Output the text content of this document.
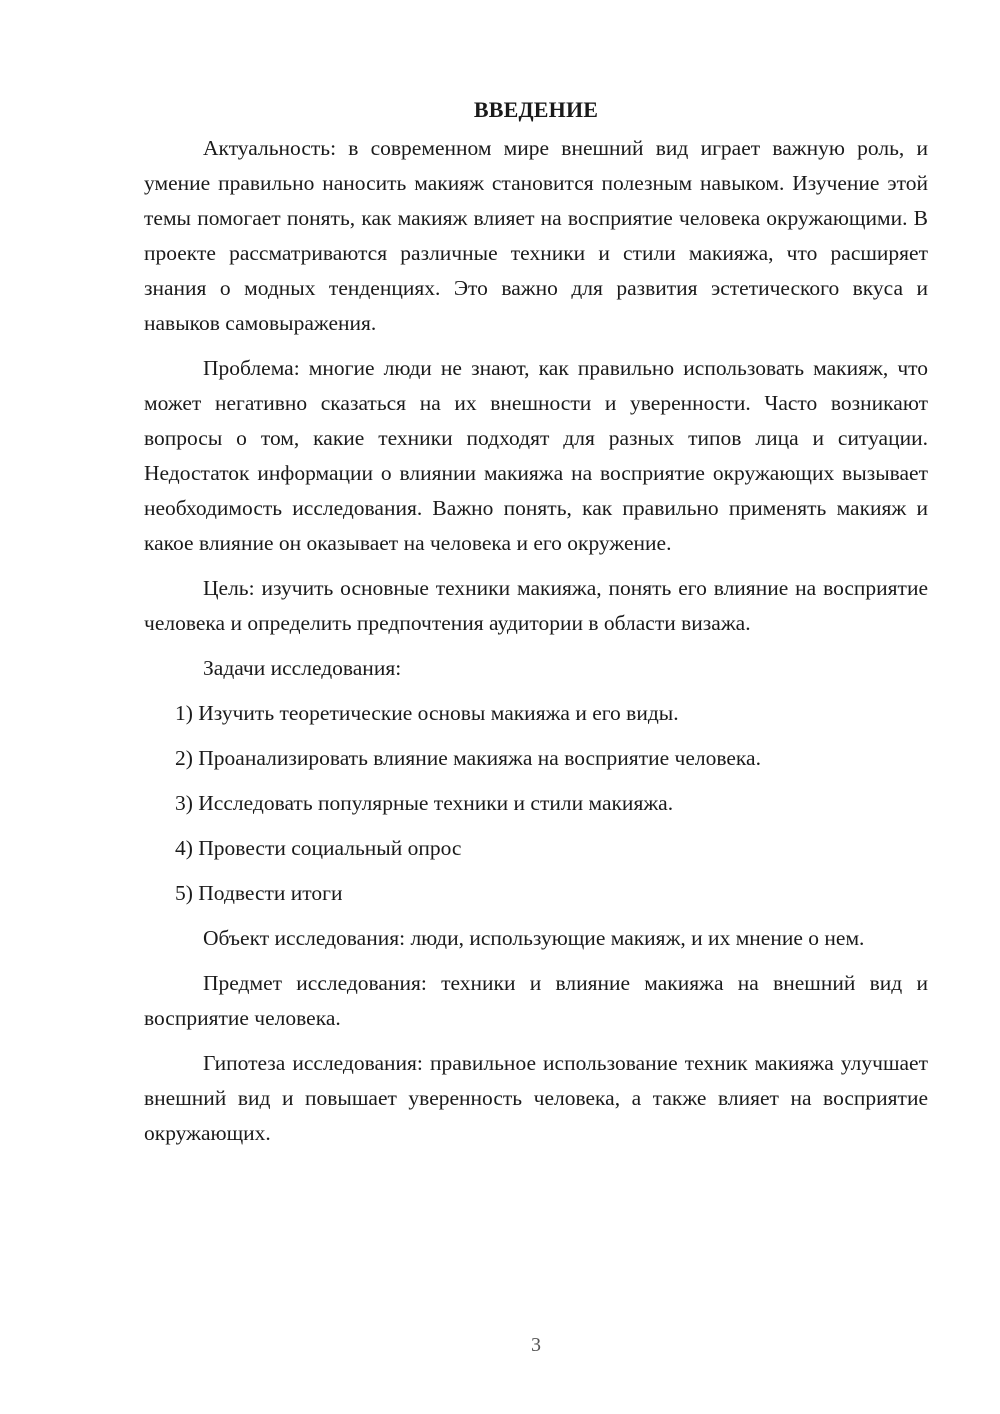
ВВЕДЕНИЕ

Актуальность: в современном мире внешний вид играет важную роль, и умение правильно наносить макияж становится полезным навыком. Изучение этой темы помогает понять, как макияж влияет на восприятие человека окружающими. В проекте рассматриваются различные техники и стили макияжа, что расширяет знания о модных тенденциях. Это важно для развития эстетического вкуса и навыков самовыражения.

Проблема: многие люди не знают, как правильно использовать макияж, что может негативно сказаться на их внешности и уверенности. Часто возникают вопросы о том, какие техники подходят для разных типов лица и ситуации. Недостаток информации о влиянии макияжа на восприятие окружающих вызывает необходимость исследования. Важно понять, как правильно применять макияж и какое влияние он оказывает на человека и его окружение.

Цель: изучить основные техники макияжа, понять его влияние на восприятие человека и определить предпочтения аудитории в области визажа.

Задачи исследования:

1) Изучить теоретические основы макияжа и его виды.

2) Проанализировать влияние макияжа на восприятие человека.

3) Исследовать популярные техники и стили макияжа.

4) Провести социальный опрос

5) Подвести итоги

Объект исследования: люди, использующие макияж, и их мнение о нем.

Предмет исследования: техники и влияние макияжа на внешний вид и восприятие человека.

Гипотеза исследования: правильное использование техник макияжа улучшает внешний вид и повышает уверенность человека, а также влияет на восприятие окружающих.

3
